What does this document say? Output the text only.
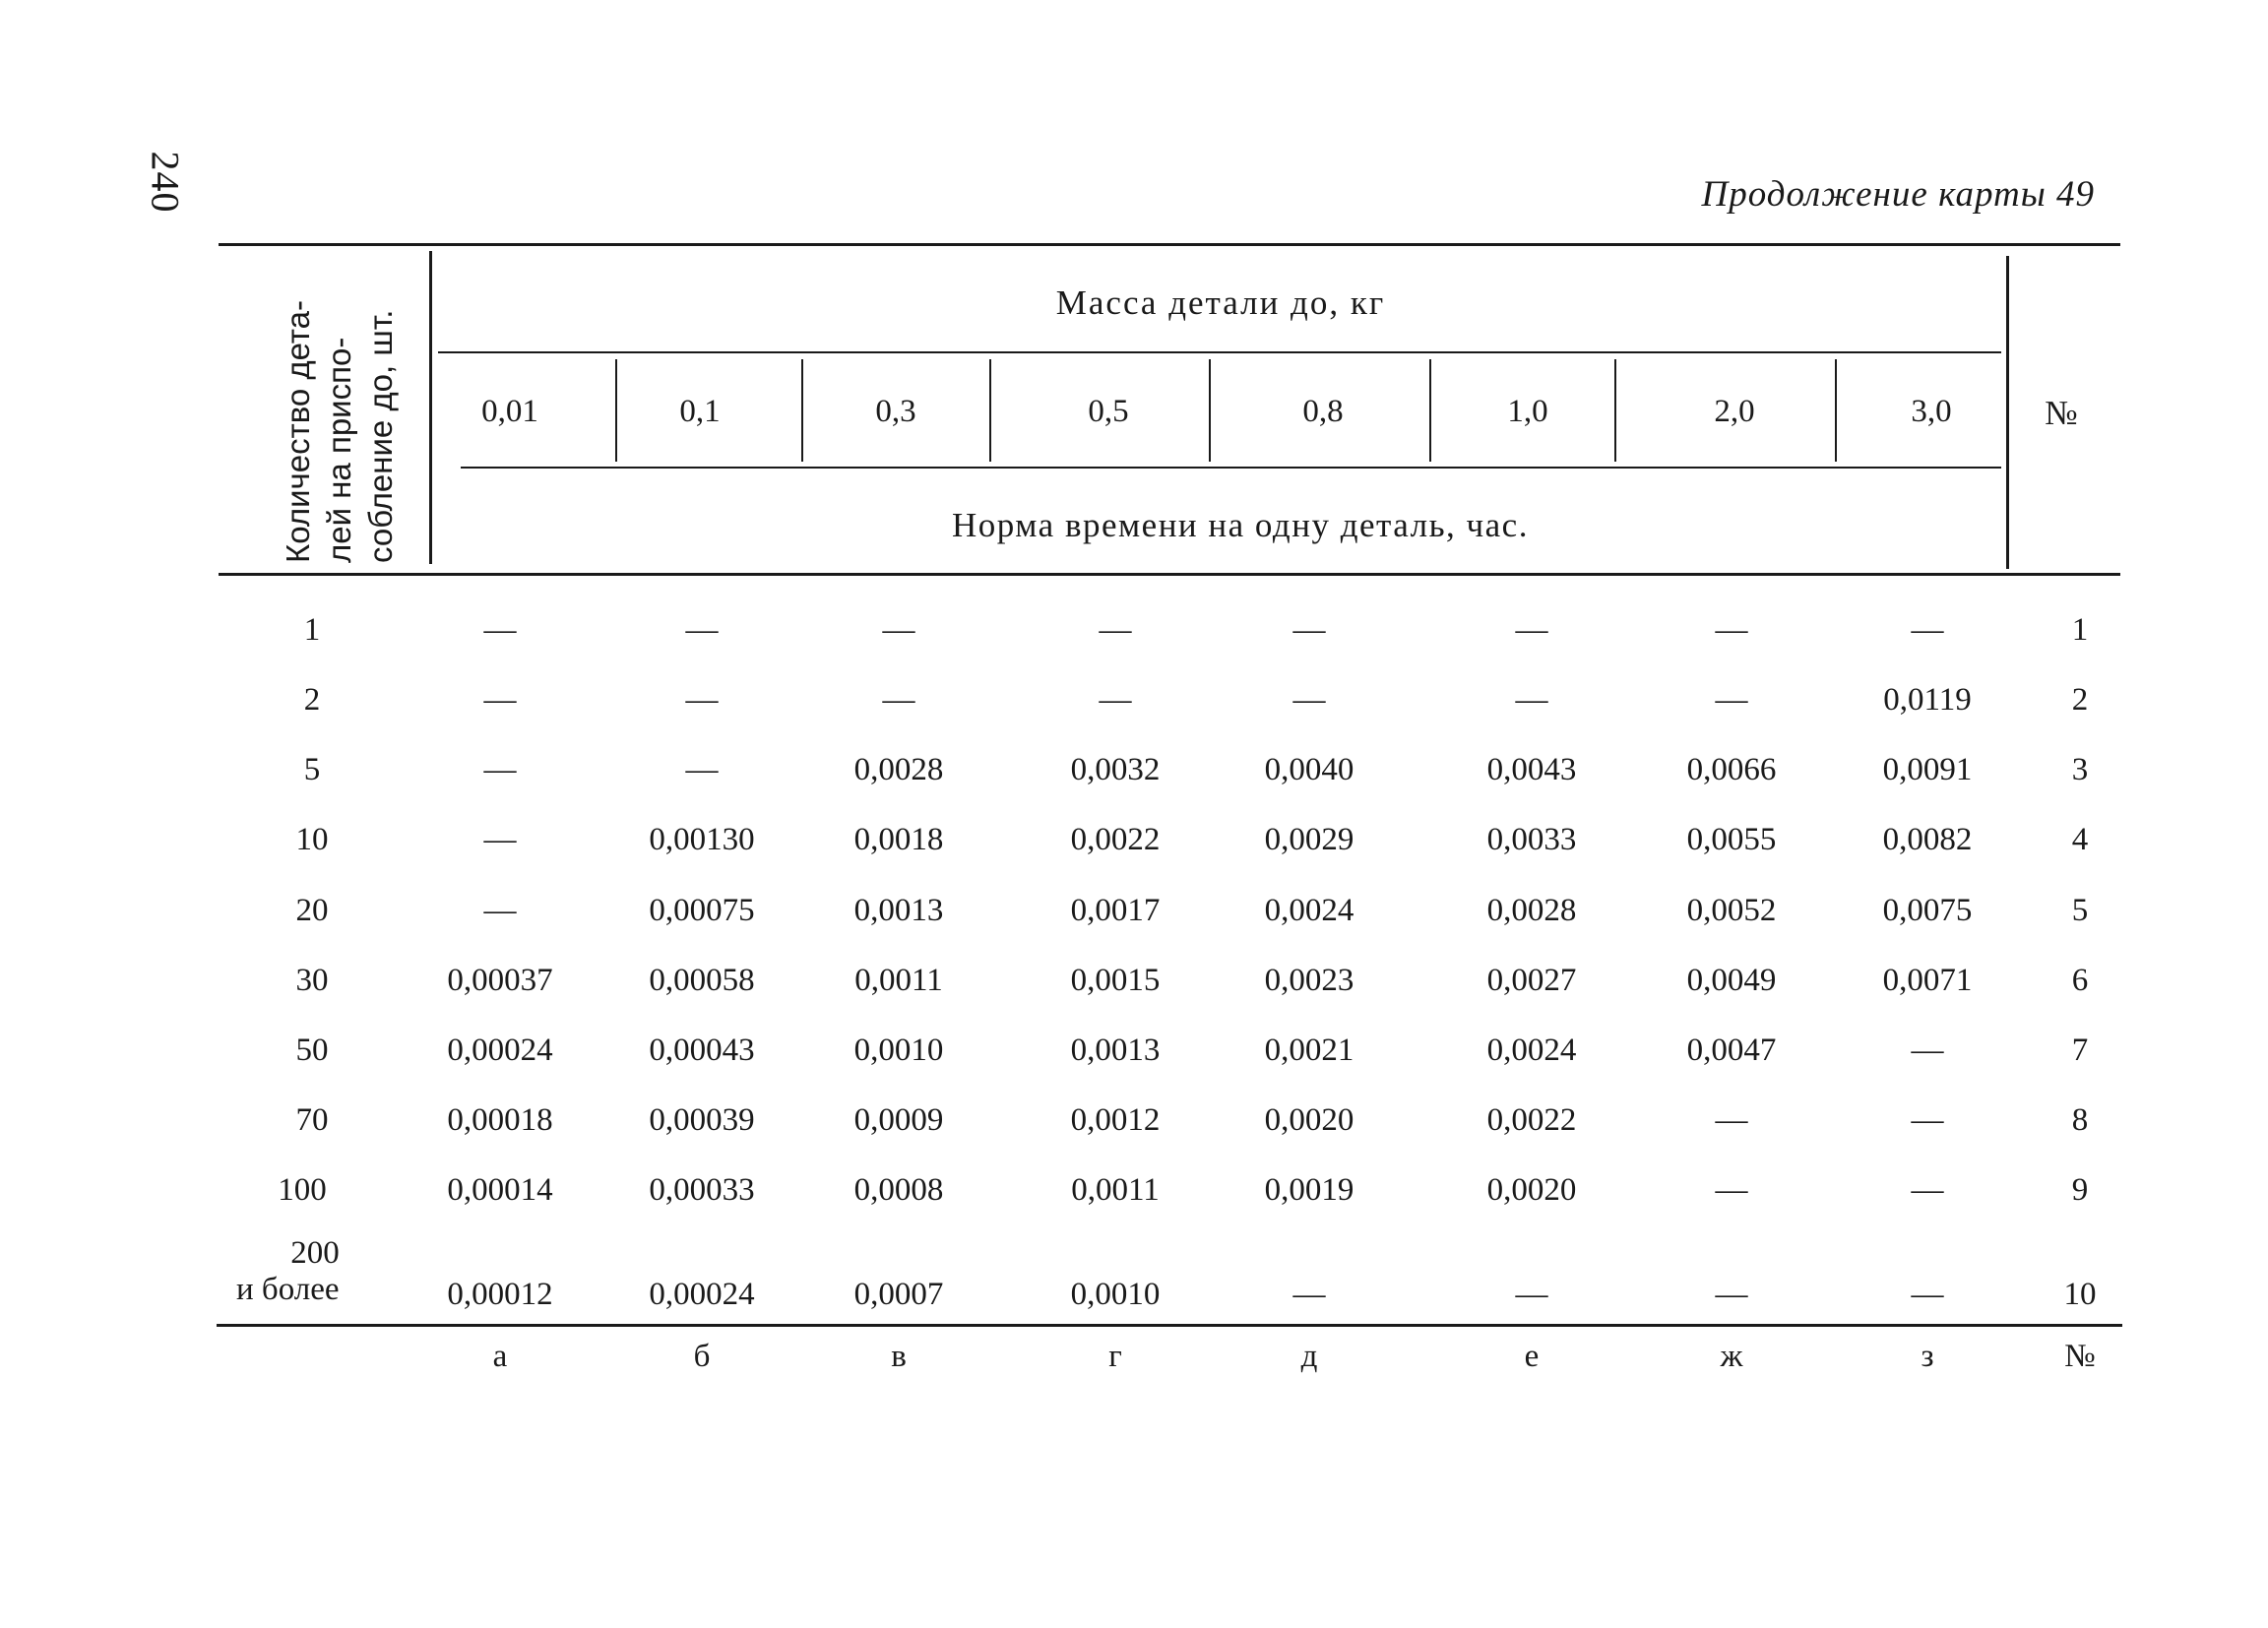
240	Продолжение карты 49
Количество дета- лей на приспо- собление до, шт.
Масса детали до, кг
Норма времени на одну деталь, час.
№
0,01	0,1	0,3	0,5	0,8	1,0	2,0	3,0
1	—	—	—	—	—	—	—	—	1
2	—	—	—	—	—	—	—	0,0119	2
5	—	—	0,0028	0,0032	0,0040	0,0043	0,0066	0,0091	3
10	—	0,00130	0,0018	0,0022	0,0029	0,0033	0,0055	0,0082	4
20	—	0,00075	0,0013	0,0017	0,0024	0,0028	0,0052	0,0075	5
30	0,00037	0,00058	0,0011	0,0015	0,0023	0,0027	0,0049	0,0071	6
50	0,00024	0,00043	0,0010	0,0013	0,0021	0,0024	0,0047	—	7
70	0,00018	0,00039	0,0009	0,0012	0,0020	0,0022	—	—	8
100	0,00014	0,00033	0,0008	0,0011	0,0019	0,0020	—	—	9
200
и более	0,00012	0,00024	0,0007	0,0010	—	—	—	—	10
а	б	в	г	д	е	ж	з	№
